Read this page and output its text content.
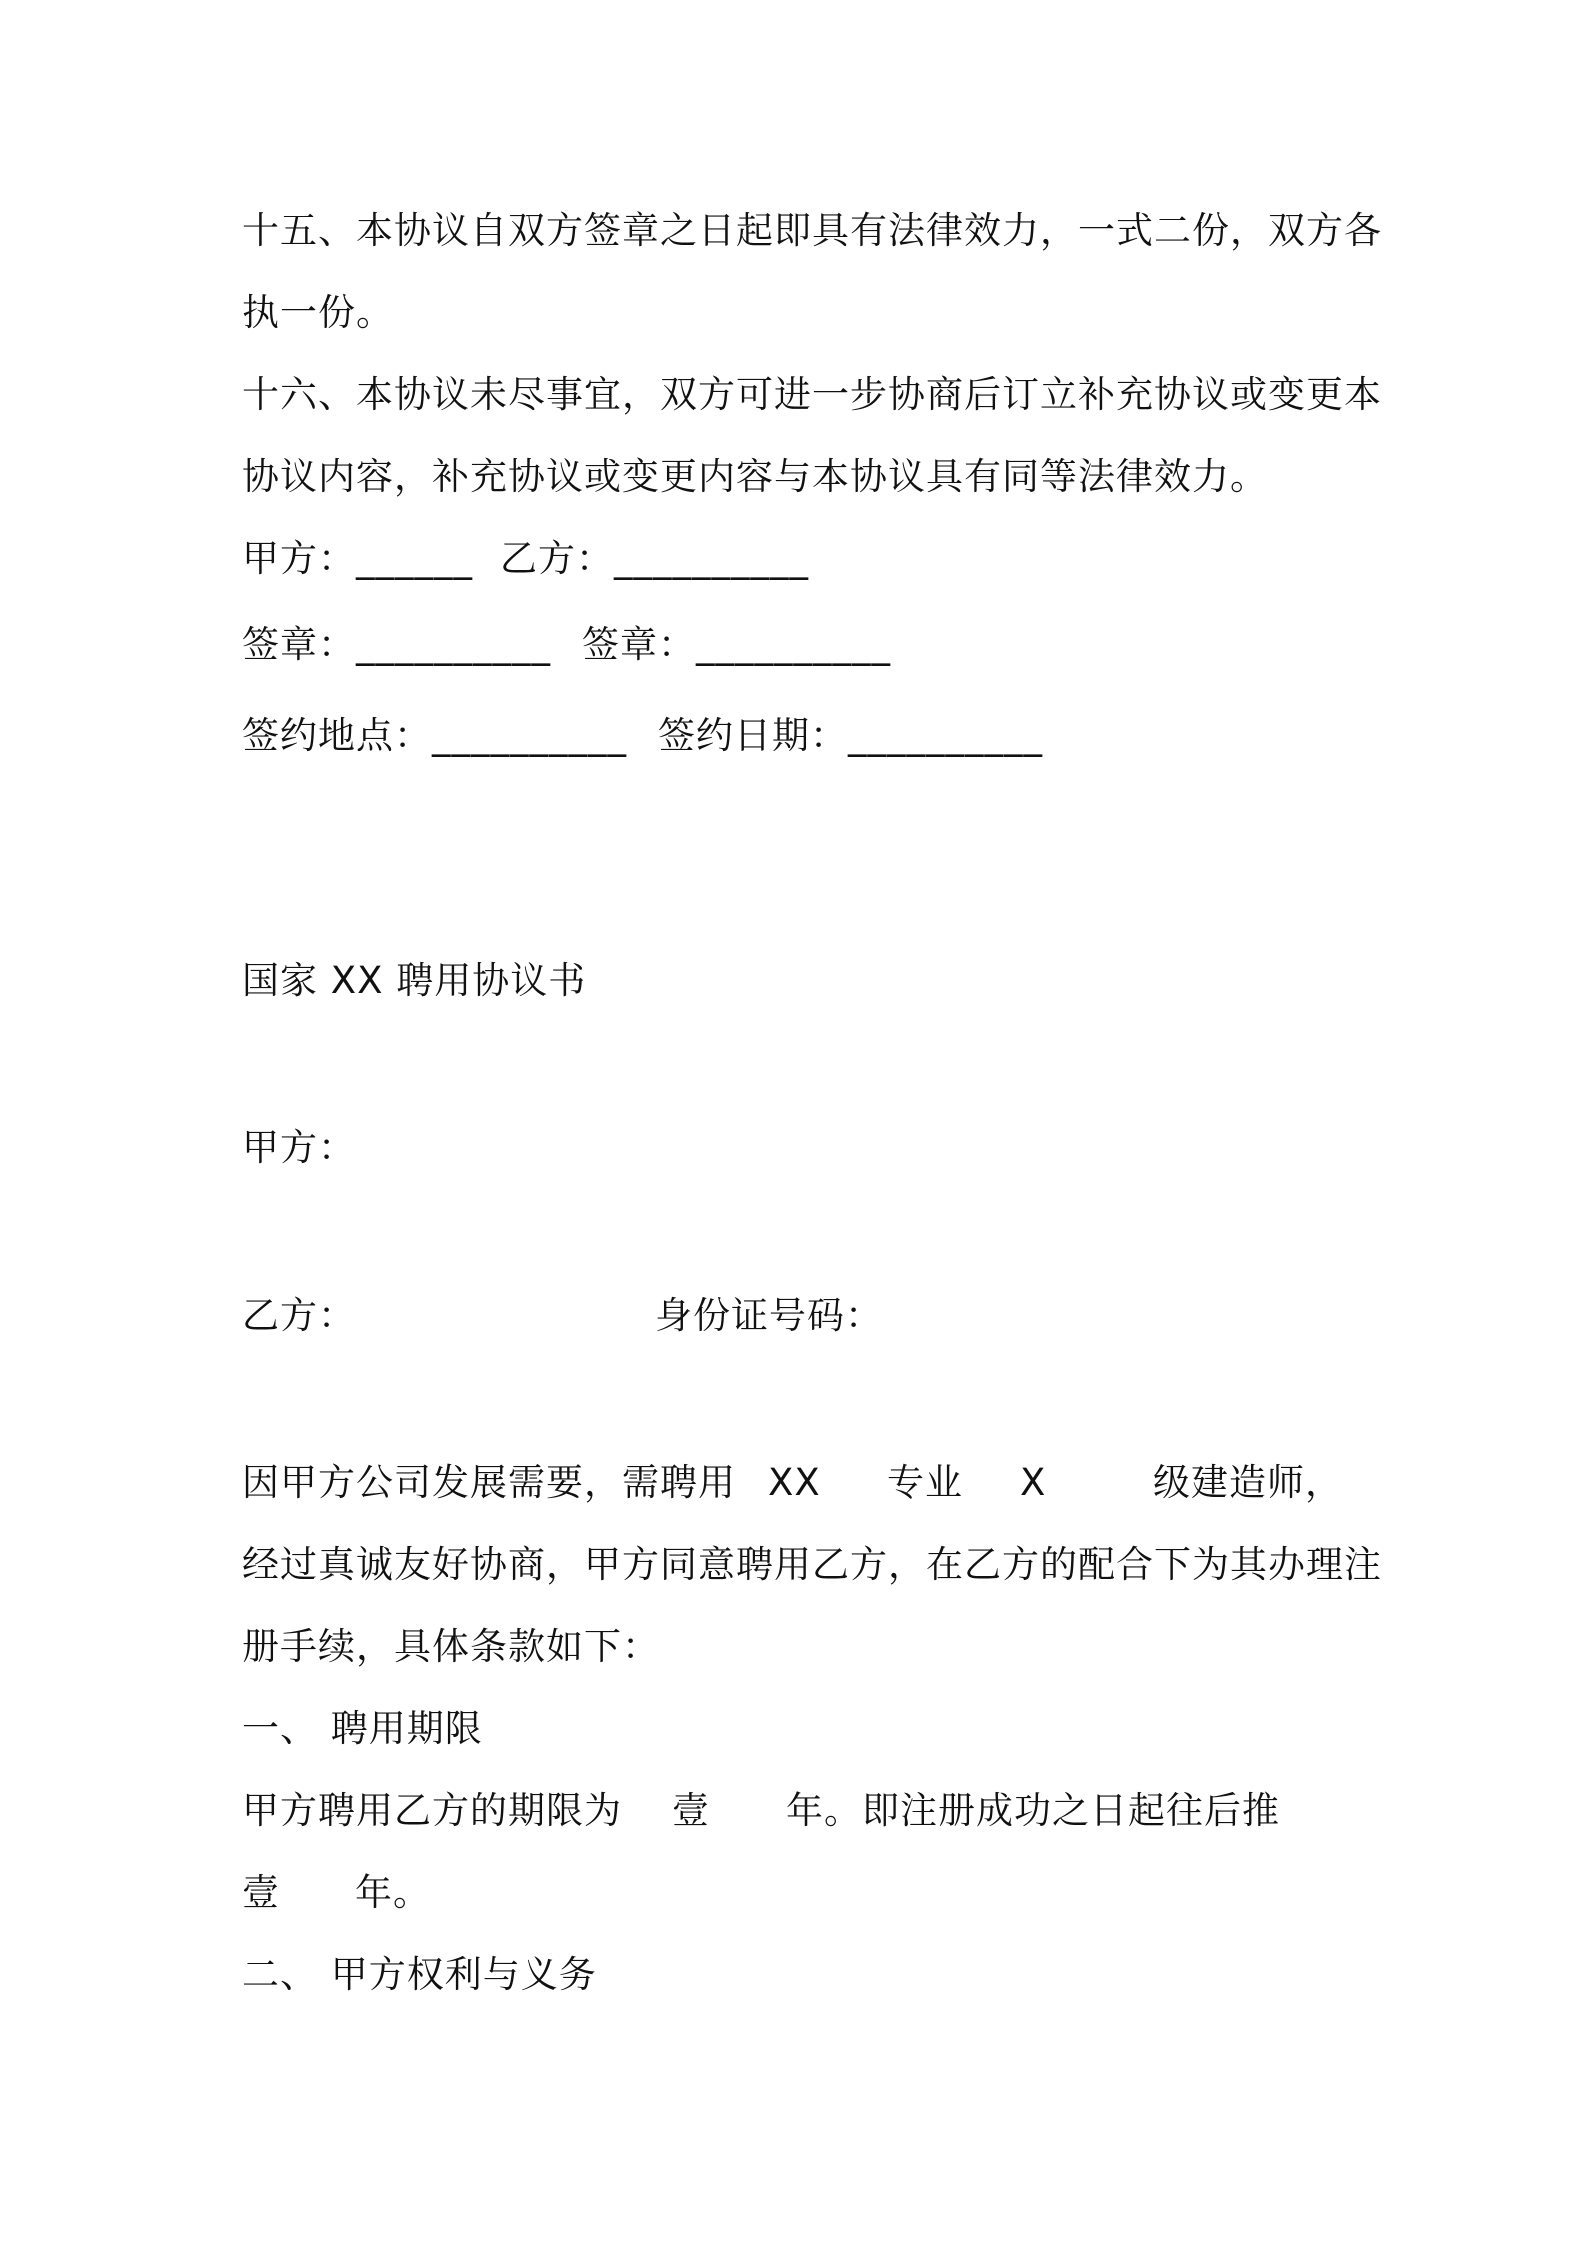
十五、本协议自双方签章之日起即具有法律效力，一式二份，双方各
执一份。
十六、本协议未尽事宜，双方可进一步协商后订立补充协议或变更本
协议内容，补充协议或变更内容与本协议具有同等法律效力。
甲方：______ 乙方：__________
签章：__________ 签章：__________
签约地点：__________ 签约日期：__________
国家 XX 聘用协议书
甲方：
乙方：	身份证号码：
因甲方公司发展需要，需聘用 XX 专业 X	级建造师，
经过真诚友好协商，甲方同意聘用乙方，在乙方的配合下为其办理注
册手续，具体条款如下：
一、 聘用期限
甲方聘用乙方的期限为 壹 年。即注册成功之日起往后推
壹 年。
二、 甲方权利与义务
